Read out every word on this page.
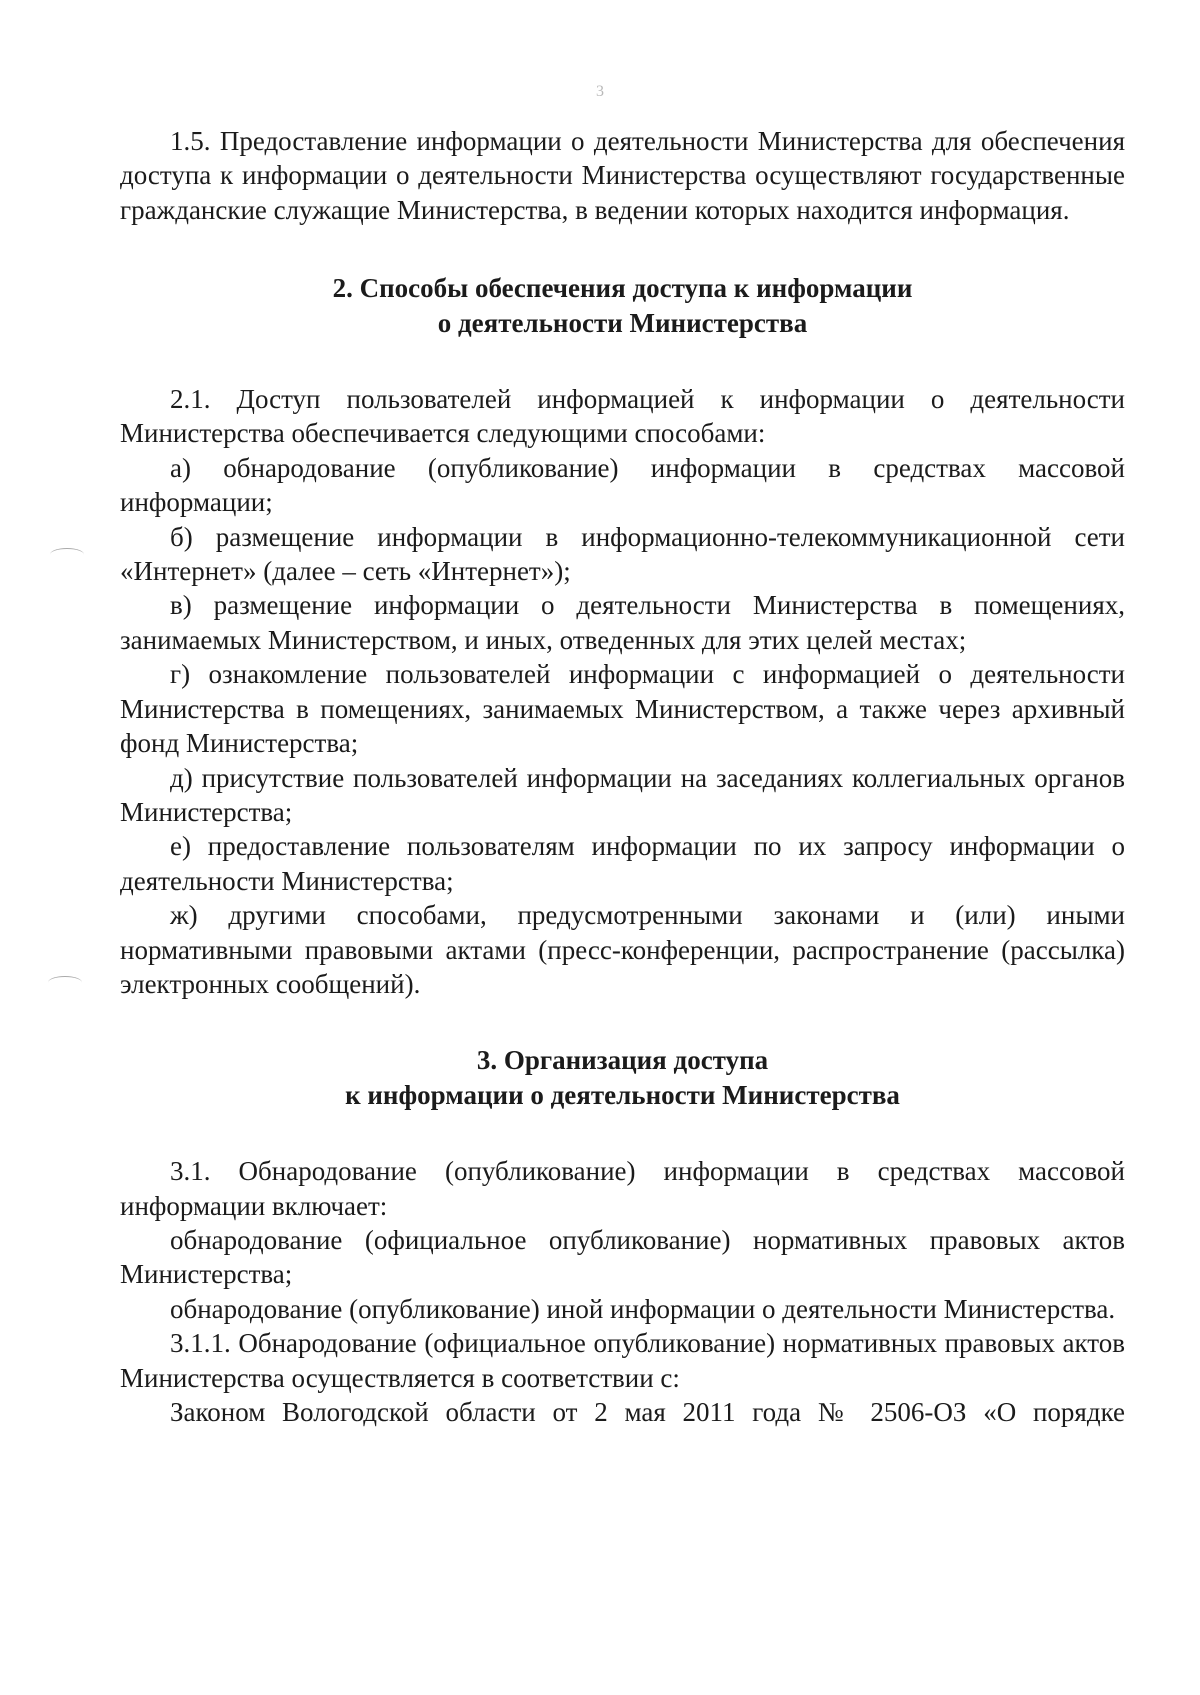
3

1.5. Предоставление информации о деятельности Министерства для обеспечения доступа к информации о деятельности Министерства осуществляют государственные гражданские служащие Министерства, в ведении которых находится информация.

2. Способы обеспечения доступа к информации
о деятельности Министерства

2.1. Доступ пользователей информацией к информации о деятельности Министерства обеспечивается следующими способами:

а) обнародование (опубликование) информации в средствах массовой информации;

б) размещение информации в информационно-телекоммуникационной сети «Интернет» (далее – сеть «Интернет»);

в) размещение информации о деятельности Министерства в помещениях, занимаемых Министерством, и иных, отведенных для этих целей местах;

г) ознакомление пользователей информации с информацией о деятельности Министерства в помещениях, занимаемых Министерством, а также через архивный фонд Министерства;

д) присутствие пользователей информации на заседаниях коллегиальных органов Министерства;

е) предоставление пользователям информации по их запросу информации о деятельности Министерства;

ж) другими способами, предусмотренными законами и (или) иными нормативными правовыми актами (пресс-конференции, распространение (рассылка) электронных сообщений).

3. Организация доступа
к информации о деятельности Министерства

3.1. Обнародование (опубликование) информации в средствах массовой информации включает:

обнародование (официальное опубликование) нормативных правовых актов Министерства;

обнародование (опубликование) иной информации о деятельности Министерства.

3.1.1. Обнародование (официальное опубликование) нормативных правовых актов Министерства осуществляется в соответствии с:

Законом Вологодской области от 2 мая 2011 года № 2506-ОЗ «О порядке
